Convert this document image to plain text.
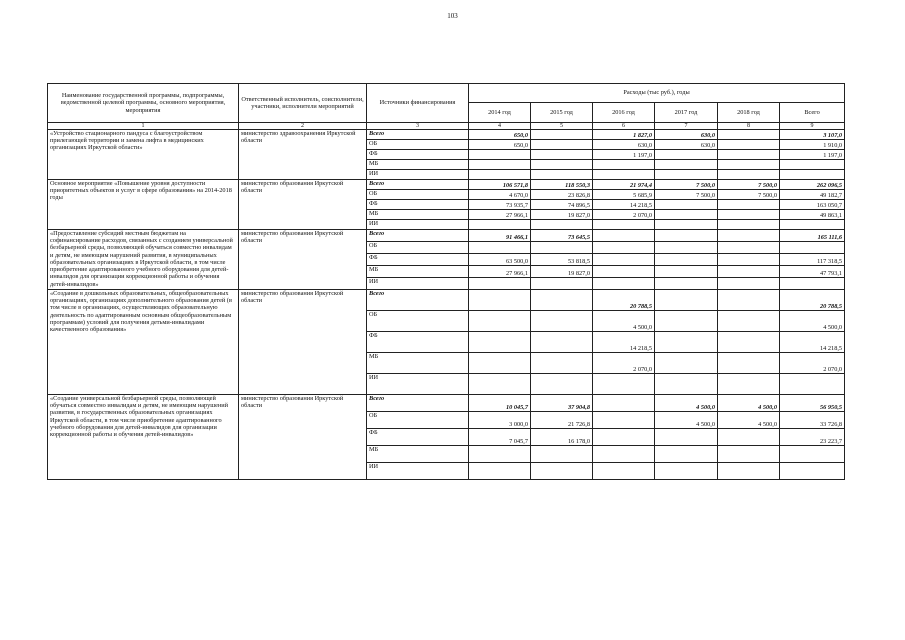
103
Наименование государственной программы, подпрограммы, ведомственной целевой программы, основного мероприятия, мероприятия	Ответственный исполнитель, соисполнители, участники, исполнители мероприятий	Источники финансирования	Расходы (тыс руб.), годы					
			2014 год	2015 год	2016 год	2017 год	2018 год	Всего
1	2	3	4	5	6	7	8	9
«Устройство стационарного пандуса с благоустройством прилегающей территории и замена лифта в медицинских организациях Иркутской области»	министерство здравоохранения Иркутской области	Всего	650,0		1 827,0	630,0		3 107,0
		ОБ	650,0		630,0	630,0		1 910,0
		ФБ			1 197,0			1 197,0
		МБ						
		ИИ						
Основное мероприятие «Повышение уровня доступности приоритетных объектов и услуг в сфере образования» на 2014-2018 годы	министерство образования Иркутской области	Всего	106 571,8	118 550,3	21 974,4	7 500,0	7 500,0	262 096,5
		ОБ	4 670,0	23 826,8	5 685,9	7 500,0	7 500,0	49 182,7
		ФБ	73 935,7	74 896,5	14 218,5			163 050,7
		МБ	27 966,1	19 827,0	2 070,0			49 863,1
		ИИ						
«Предоставление субсидий местным бюджетам на софинансирование расходов, связанных с созданием универсальной безбарьерной среды, позволяющей обучаться совместно инвалидам и детям, не имеющим нарушений развития, в муниципальных образовательных организациях в Иркутской области, в том числе приобретение адаптированного учебного оборудования для детей-инвалидов для организации коррекционной работы и обучения детей-инвалидов»	министерство образования Иркутской области	Всего	91 466,1	73 645,5				165 111,6
		ОБ						
		ФБ	63 500,0	53 818,5				117 318,5
		МБ	27 966,1	19 827,0				47 793,1
		ИИ						
«Создание в дошкольных образовательных, общеобразовательных организациях, организациях дополнительного образования детей (в том числе в организациях, осуществляющих образовательную деятельность по адаптированным основным общеобразовательным программам) условий для получения детьми-инвалидами качественного образования»	министерство образования Иркутской области	Всего			20 788,5			20 788,5
		ОБ			4 500,0			4 500,0
		ФБ			14 218,5			14 218,5
		МБ			2 070,0			2 070,0
		ИИ						
«Создание универсальной безбарьерной среды, позволяющей обучаться совместно инвалидам и детям, не имеющим нарушений развития, в государственных образовательных организациях Иркутской области, в том числе приобретение адаптированного учебного оборудования для детей-инвалидов для организации коррекционной работы и обучения детей-инвалидов»	министерство образования Иркутской области	Всего	10 045,7	37 904,8		4 500,0	4 500,0	56 950,5
		ОБ	3 000,0	21 726,8		4 500,0	4 500,0	33 726,8
		ФБ	7 045,7	16 178,0				23 223,7
		МБ						
		ИИ						
